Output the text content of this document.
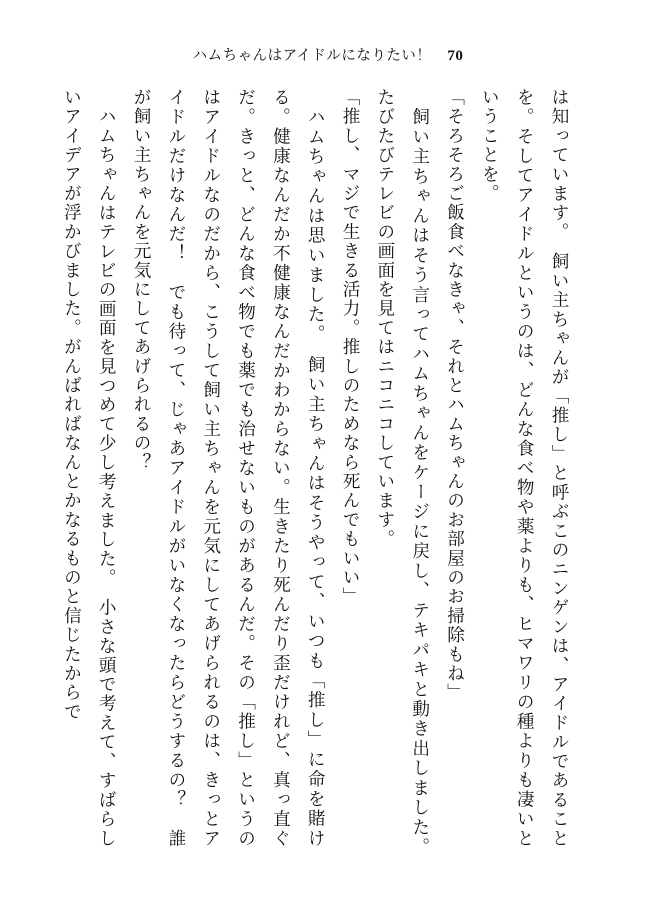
ハムちゃんはアイドルになりたい！ 70

は知っています。　飼い主ちゃんが「推し」と呼ぶこのニンゲンは、アイドルであることを。そしてアイドルというのは、どんな食べ物や薬よりも、ヒマワリの種よりも凄いということを。

「そろそろご飯食べなきゃ、それとハムちゃんのお部屋のお掃除もね」

　飼い主ちゃんはそう言ってハムちゃんをケージに戻し、テキパキと動き出しました。　たびたびテレビの画面を見てはニコニコしています。

「推し、マジで生きる活力。推しのためなら死んでもいい」

　ハムちゃんは思いました。　飼い主ちゃんはそうやって、いつも「推し」に命を賭ける。健康なんだか不健康なんだかわからない。生きたり死んだり歪だけれど、真っ直ぐだ。きっと、どんな食べ物でも薬でも治せないものがあるんだ。その「推し」というのはアイドルなのだから、こうして飼い主ちゃんを元気にしてあげられるのは、きっとアイドルだけなんだ！　でも待って、じゃあアイドルがいなくなったらどうするの？　誰が飼い主ちゃんを元気にしてあげられるの？

　ハムちゃんはテレビの画面を見つめて少し考えました。　小さな頭で考えて、すばらしいアイデアが浮かびました。がんばればなんとかなるものと信じたからで
